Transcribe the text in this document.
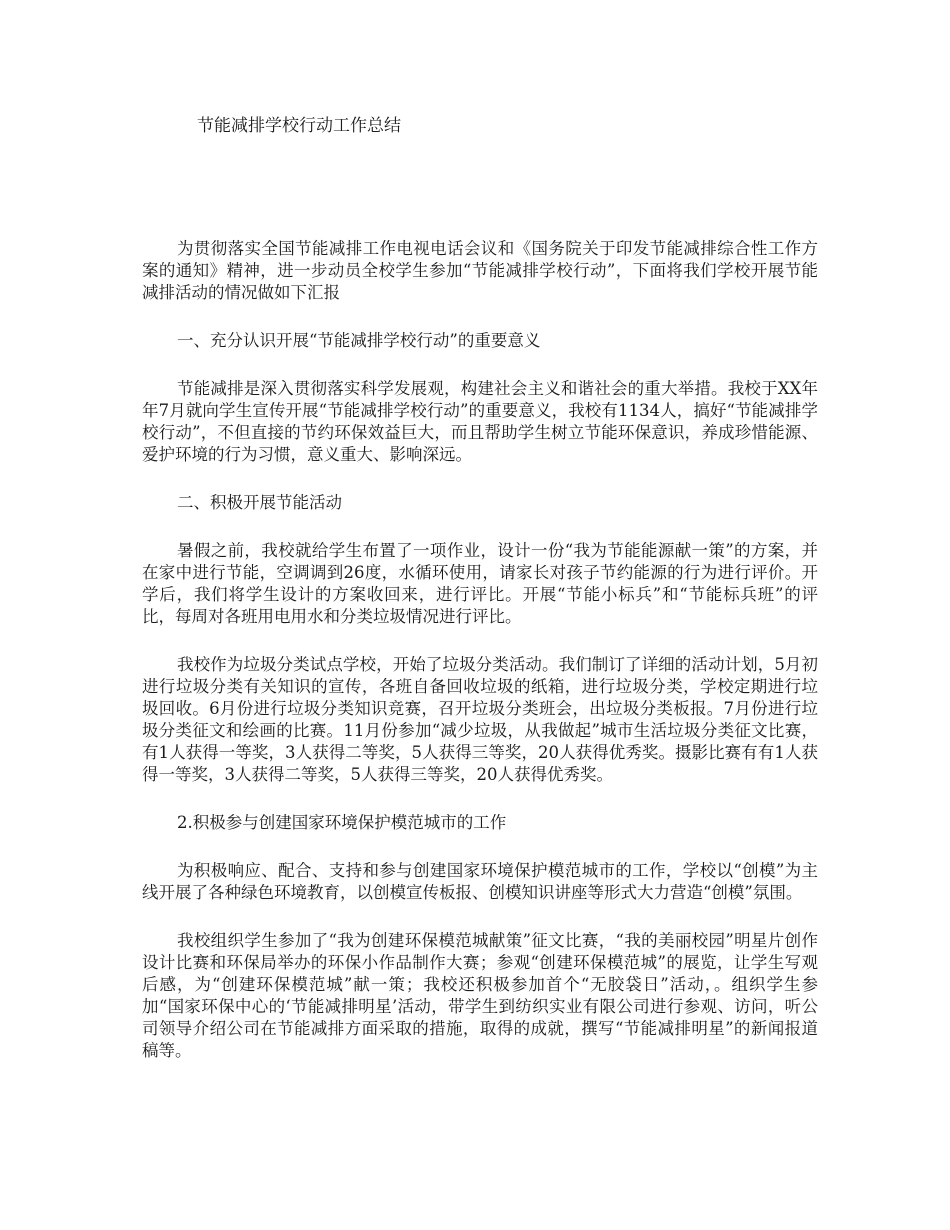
节能减排学校行动工作总结

为贯彻落实全国节能减排工作电视电话会议和《国务院关于印发节能减排综合性工作方案的通知》精神，进一步动员全校学生参加“节能减排学校行动”，下面将我们学校开展节能减排活动的情况做如下汇报

一、充分认识开展“节能减排学校行动”的重要意义

节能减排是深入贯彻落实科学发展观，构建社会主义和谐社会的重大举措。我校于XX年年7月就向学生宣传开展“节能减排学校行动”的重要意义，我校有1134人，搞好“节能减排学校行动”，不但直接的节约环保效益巨大，而且帮助学生树立节能环保意识，养成珍惜能源、爱护环境的行为习惯，意义重大、影响深远。

二、积极开展节能活动

暑假之前，我校就给学生布置了一项作业，设计一份“我为节能能源献一策”的方案，并在家中进行节能，空调调到26度，水循环使用，请家长对孩子节约能源的行为进行评价。开学后，我们将学生设计的方案收回来，进行评比。开展“节能小标兵”和“节能标兵班”的评比，每周对各班用电用水和分类垃圾情况进行评比。

我校作为垃圾分类试点学校，开始了垃圾分类活动。我们制订了详细的活动计划，5月初进行垃圾分类有关知识的宣传，各班自备回收垃圾的纸箱，进行垃圾分类，学校定期进行垃圾回收。6月份进行垃圾分类知识竞赛，召开垃圾分类班会，出垃圾分类板报。7月份进行垃圾分类征文和绘画的比赛。11月份参加“减少垃圾，从我做起”城市生活垃圾分类征文比赛，有1人获得一等奖，3人获得二等奖，5人获得三等奖，20人获得优秀奖。摄影比赛有有1人获得一等奖，3人获得二等奖，5人获得三等奖，20人获得优秀奖。

2.积极参与创建国家环境保护模范城市的工作

为积极响应、配合、支持和参与创建国家环境保护模范城市的工作，学校以“创模”为主线开展了各种绿色环境教育，以创模宣传板报、创模知识讲座等形式大力营造“创模”氛围。

我校组织学生参加了“我为创建环保模范城献策”征文比赛，“我的美丽校园”明星片创作设计比赛和环保局举办的环保小作品制作大赛；参观“创建环保模范城”的展览，让学生写观后感，为“创建环保模范城”献一策；我校还积极参加首个“无胶袋日”活动，。组织学生参加“国家环保中心的‘节能减排明星’活动，带学生到纺织实业有限公司进行参观、访问，听公司领导介绍公司在节能减排方面采取的措施，取得的成就，撰写“节能减排明星”的新闻报道稿等。
